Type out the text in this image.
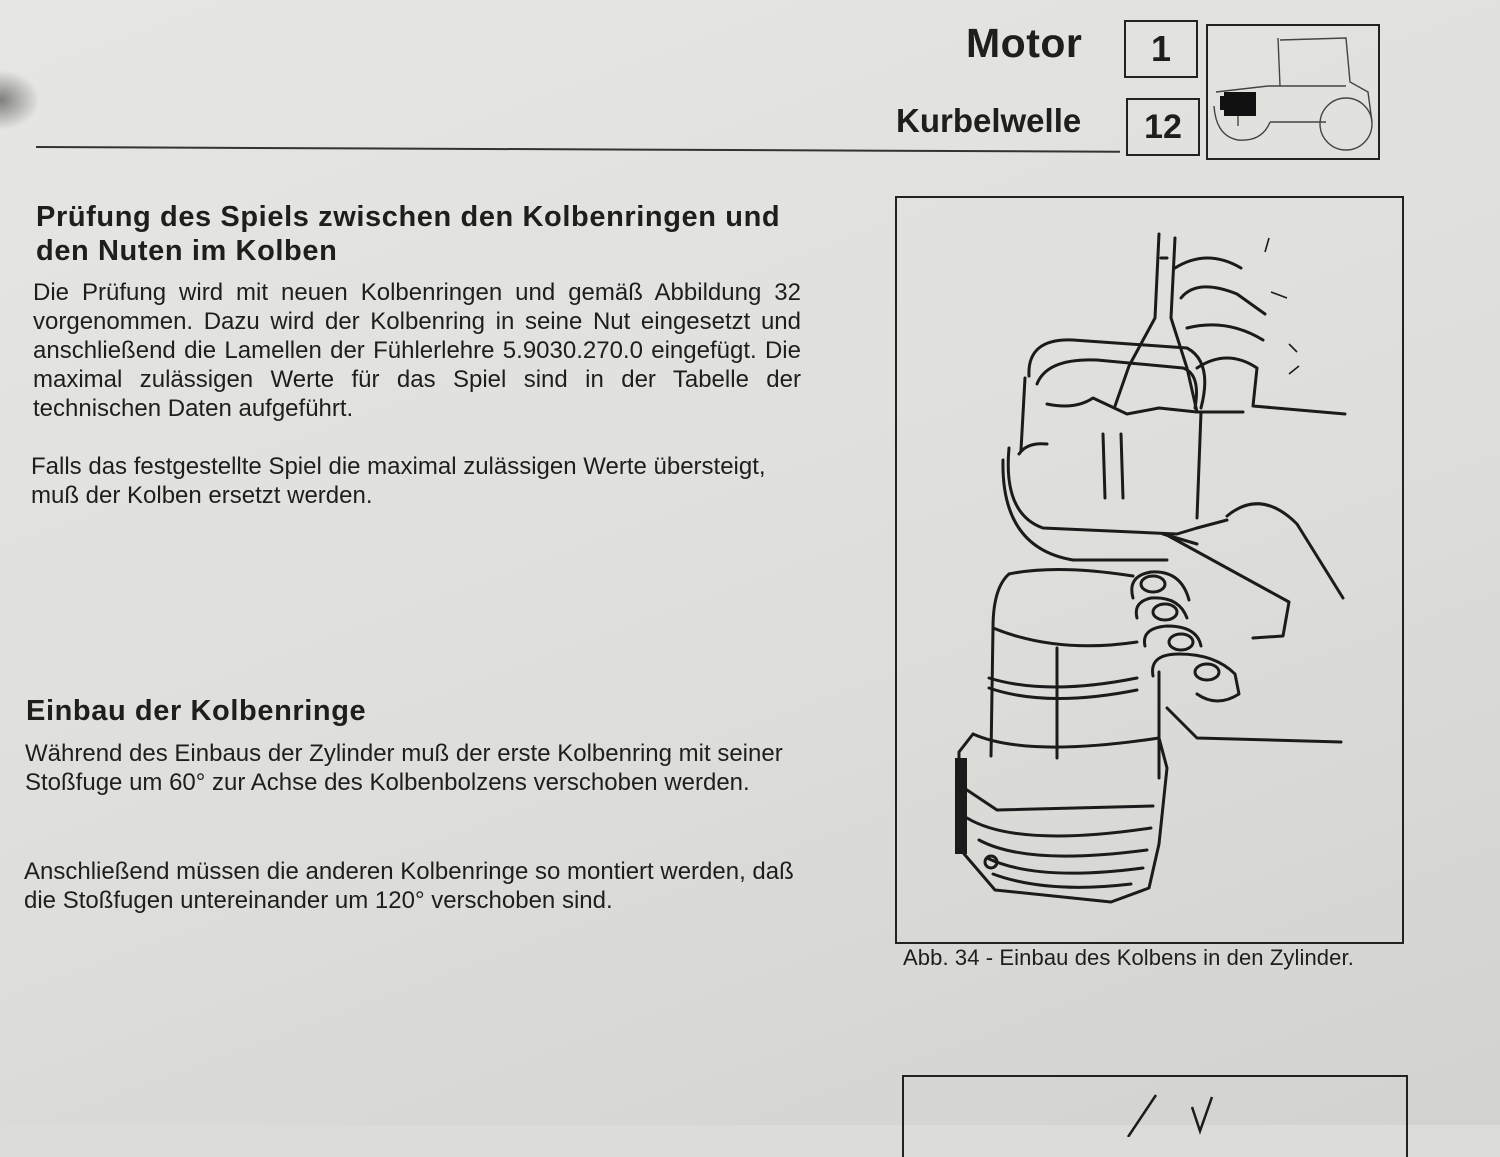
Motor	1
Kurbelwelle	12
Prüfung des Spiels zwischen den Kolbenringen und den Nuten im Kolben

Die Prüfung wird mit neuen Kolbenringen und gemäß Abbildung 32 vorgenommen. Dazu wird der Kolbenring in seine Nut eingesetzt und anschließend die Lamellen der Fühlerlehre 5.9030.270.0 eingefügt. Die maximal zulässigen Werte für das Spiel sind in der Tabelle der technischen Daten aufgeführt.

Falls das festgestellte Spiel die maximal zulässigen Werte übersteigt, muß der Kolben ersetzt werden.

Einbau der Kolbenringe

Während des Einbaus der Zylinder muß der erste Kolbenring mit seiner Stoßfuge um 60° zur Achse des Kolbenbolzens verschoben werden.

Anschließend müssen die anderen Kolbenringe so montiert werden, daß die Stoßfugen untereinander um 120° verschoben sind.

Abb. 34 - Einbau des Kolbens in den Zylinder.
